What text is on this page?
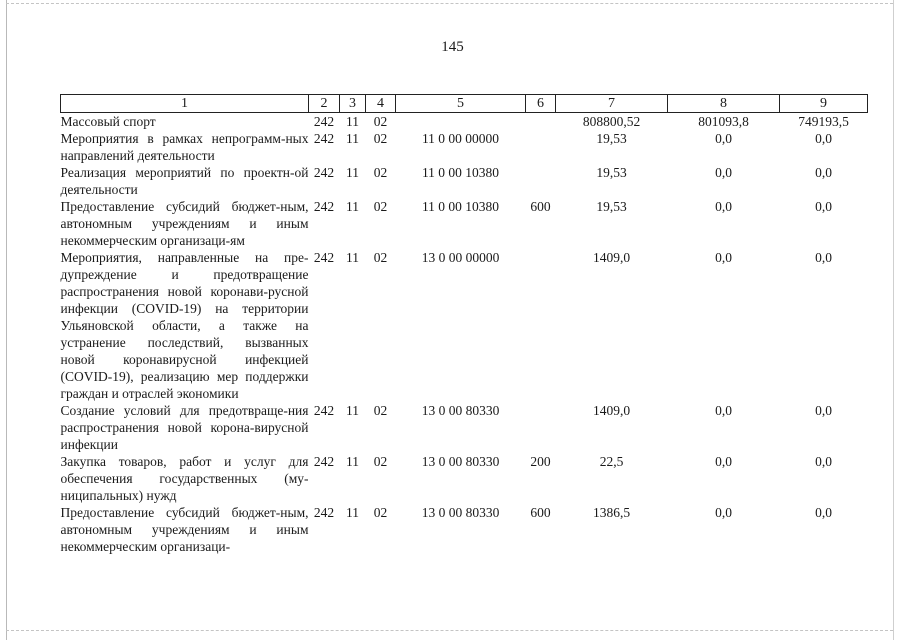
145
1	2	3	4	5	6	7	8	9
Массовый спорт	242	11	02			808800,52	801093,8	749193,5
Мероприятия в рамках непрограмм-ных направлений деятельности	242	11	02	11 0 00 00000		19,53	0,0	0,0
Реализация мероприятий по проектн-ой деятельности	242	11	02	11 0 00 10380		19,53	0,0	0,0
Предоставление субсидий бюджет-ным, автономным учреждениям и иным некоммерческим организаци-ям	242	11	02	11 0 00 10380	600	19,53	0,0	0,0
Мероприятия, направленные на пре-дупреждение и предотвращение распространения новой коронави-русной инфекции (COVID-19) на территории Ульяновской области, а также на устранение последствий, вызванных новой коронавирусной инфекцией (COVID-19), реализацию мер поддержки граждан и отраслей экономики	242	11	02	13 0 00 00000		1409,0	0,0	0,0
Создание условий для предотвраще-ния распространения новой корона-вирусной инфекции	242	11	02	13 0 00 80330		1409,0	0,0	0,0
Закупка товаров, работ и услуг для обеспечения государственных (му-ниципальных) нужд	242	11	02	13 0 00 80330	200	22,5	0,0	0,0
Предоставление субсидий бюджет-ным, автономным учреждениям и иным некоммерческим организаци-	242	11	02	13 0 00 80330	600	1386,5	0,0	0,0
